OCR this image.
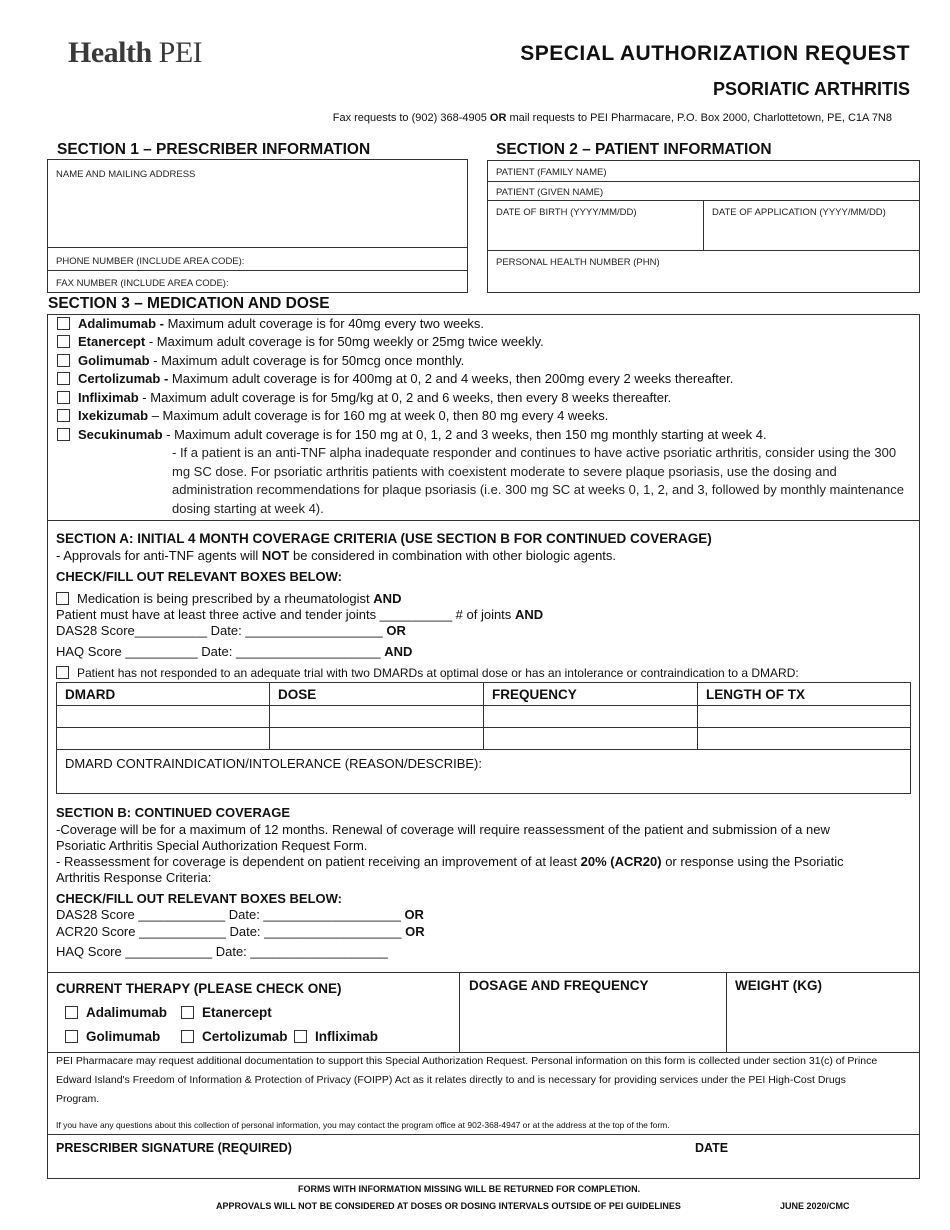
Health PEI	SPECIAL AUTHORIZATION REQUEST
PSORIATIC ARTHRITIS
Fax requests to (902) 368-4905 OR mail requests to PEI Pharmacare, P.O. Box 2000, Charlottetown, PE, C1A 7N8
SECTION 1 – PRESCRIBER INFORMATION
NAME AND MAILING ADDRESS
PHONE NUMBER (INCLUDE AREA CODE):
FAX NUMBER (INCLUDE AREA CODE):
SECTION 2 – PATIENT INFORMATION
PATIENT (FAMILY NAME)
PATIENT (GIVEN NAME)
DATE OF BIRTH (YYYY/MM/DD)	DATE OF APPLICATION (YYYY/MM/DD)
PERSONAL HEALTH NUMBER (PHN)
SECTION 3 – MEDICATION AND DOSE
Adalimumab - Maximum adult coverage is for 40mg every two weeks.
Etanercept - Maximum adult coverage is for 50mg weekly or 25mg twice weekly.
Golimumab - Maximum adult coverage is for 50mcg once monthly.
Certolizumab - Maximum adult coverage is for 400mg at 0, 2 and 4 weeks, then 200mg every 2 weeks thereafter.
Infliximab - Maximum adult coverage is for 5mg/kg at 0, 2 and 6 weeks, then every 8 weeks thereafter.
Ixekizumab – Maximum adult coverage is for 160 mg at week 0, then 80 mg every 4 weeks.
Secukinumab - Maximum adult coverage is for 150 mg at 0, 1, 2 and 3 weeks, then 150 mg monthly starting at week 4.
- If a patient is an anti-TNF alpha inadequate responder and continues to have active psoriatic arthritis, consider using the 300 mg SC dose. For psoriatic arthritis patients with coexistent moderate to severe plaque psoriasis, use the dosing and administration recommendations for plaque psoriasis (i.e. 300 mg SC at weeks 0, 1, 2, and 3, followed by monthly maintenance dosing starting at week 4).
SECTION A: INITIAL 4 MONTH COVERAGE CRITERIA (USE SECTION B FOR CONTINUED COVERAGE)
- Approvals for anti-TNF agents will NOT be considered in combination with other biologic agents.
CHECK/FILL OUT RELEVANT BOXES BELOW:
Medication is being prescribed by a rheumatologist AND
Patient must have at least three active and tender joints __________ # of joints AND
DAS28 Score__________ Date: ___________________ OR
HAQ Score __________ Date: ____________________ AND
Patient has not responded to an adequate trial with two DMARDs at optimal dose or has an intolerance or contraindication to a DMARD:
DMARD	DOSE	FREQUENCY	LENGTH OF TX
DMARD CONTRAINDICATION/INTOLERANCE (REASON/DESCRIBE):
SECTION B: CONTINUED COVERAGE
-Coverage will be for a maximum of 12 months. Renewal of coverage will require reassessment of the patient and submission of a new
Psoriatic Arthritis Special Authorization Request Form.
- Reassessment for coverage is dependent on patient receiving an improvement of at least 20% (ACR20) or response using the Psoriatic
Arthritis Response Criteria:
CHECK/FILL OUT RELEVANT BOXES BELOW:
DAS28 Score ____________ Date: ___________________ OR
ACR20 Score ____________ Date: ___________________ OR
HAQ Score ____________ Date: ___________________
CURRENT THERAPY (PLEASE CHECK ONE)	DOSAGE AND FREQUENCY	WEIGHT (KG)
Adalimumab	Etanercept
Golimumab	Certolizumab	Infliximab
PEI Pharmacare may request additional documentation to support this Special Authorization Request. Personal information on this form is collected under section 31(c) of Prince Edward Island's Freedom of Information & Protection of Privacy (FOIPP) Act as it relates directly to and is necessary for providing services under the PEI High-Cost Drugs Program.
If you have any questions about this collection of personal information, you may contact the program office at 902-368-4947 or at the address at the top of the form.
PRESCRIBER SIGNATURE (REQUIRED)	DATE
FORMS WITH INFORMATION MISSING WILL BE RETURNED FOR COMPLETION.
APPROVALS WILL NOT BE CONSIDERED AT DOSES OR DOSING INTERVALS OUTSIDE OF PEI GUIDELINES	JUNE 2020/CMC
